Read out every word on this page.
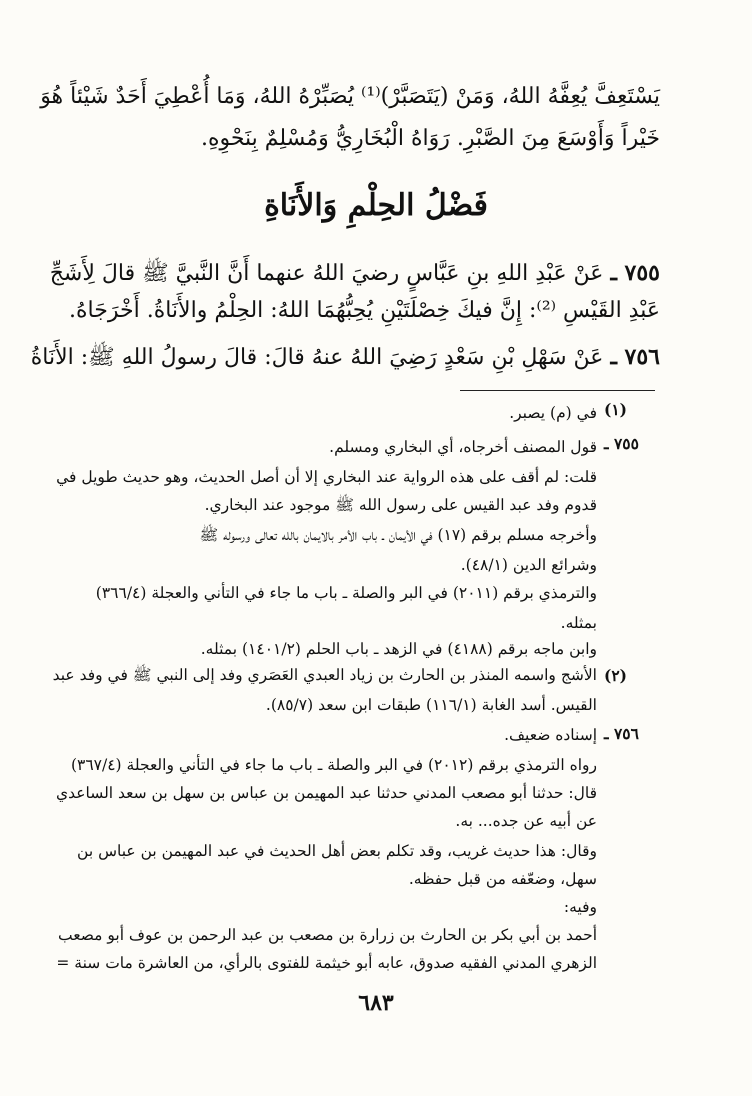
يَسْتَعِفَّ يُعِفَّهُ اللهُ، وَمَنْ (يَتَصَبَّرْ)⁽¹⁾ يُصَبِّرْهُ اللهُ، وَمَا أُعْطِيَ أَحَدٌ شَيْئاً هُوَ
خَيْراً وَأَوْسَعَ مِنَ الصَّبْرِ. رَوَاهُ الْبُخَارِيُّ وَمُسْلِمٌ بِنَحْوِهِ.
فَضْلُ الحِلْمِ وَالأَنَاةِ
٧٥٥ ـ عَنْ عَبْدِ اللهِ بنِ عَبَّاسٍ رضيَ اللهُ عنهما أَنَّ النَّبيَّ ﷺ قالَ لِأَشَجِّ
عَبْدِ القَيْسِ ⁽²⁾: إِنَّ فيكَ خِصْلَتَيْنِ يُحِبُّهُمَا اللهُ: الحِلْمُ والأَنَاةُ. أَخْرَجَاهُ.
٧٥٦ ـ عَنْ سَهْلِ بْنِ سَعْدٍ رَضِيَ اللهُ عنهُ قالَ: قالَ رسولُ اللهِ ﷺ: الأَنَاةُ
(١)
في (م) يصبر.
٧٥٥ ـ
قول المصنف أخرجاه، أي البخاري ومسلم.
قلت: لم أقف على هذه الرواية عند البخاري إلا أن أصل الحديث، وهو حديث طويل في
قدوم وفد عبد القيس على رسول الله ﷺ موجود عند البخاري.
وأخرجه مسلم برقم (١٧) في الأيمان ـ باب الأمر بالايمان بالله تعالى ورسوله ﷺ
وشرائع الدين (٤٨/١).
والترمذي برقم (٢٠١١) في البر والصلة ـ باب ما جاء في التأني والعجلة (٣٦٦/٤)
بمثله.
وابن ماجه برقم (٤١٨٨) في الزهد ـ باب الحلم (١٤٠١/٢) بمثله.
(٢)
الأشج واسمه المنذر بن الحارث بن زياد العبدي العَصَري وفد إلى النبي ﷺ في وفد عبد
القيس. أسد الغابة (١١٦/١) طبقات ابن سعد (٨٥/٧).
٧٥٦ ـ
إسناده ضعيف.
رواه الترمذي برقم (٢٠١٢) في البر والصلة ـ باب ما جاء في التأني والعجلة (٣٦٧/٤)
قال: حدثنا أبو مصعب المدني حدثنا عبد المهيمن بن عباس بن سهل بن سعد الساعدي
عن أبيه عن جده... به.
وقال: هذا حديث غريب، وقد تكلم بعض أهل الحديث في عبد المهيمن بن عباس بن
سهل، وضعّفه من قبل حفظه.
وفيه:
أحمد بن أبي بكر بن الحارث بن زرارة بن مصعب بن عبد الرحمن بن عوف أبو مصعب
الزهري المدني الفقيه صدوق، عابه أبو خيثمة للفتوى بالرأي، من العاشرة مات سنة =
٦٨٣
